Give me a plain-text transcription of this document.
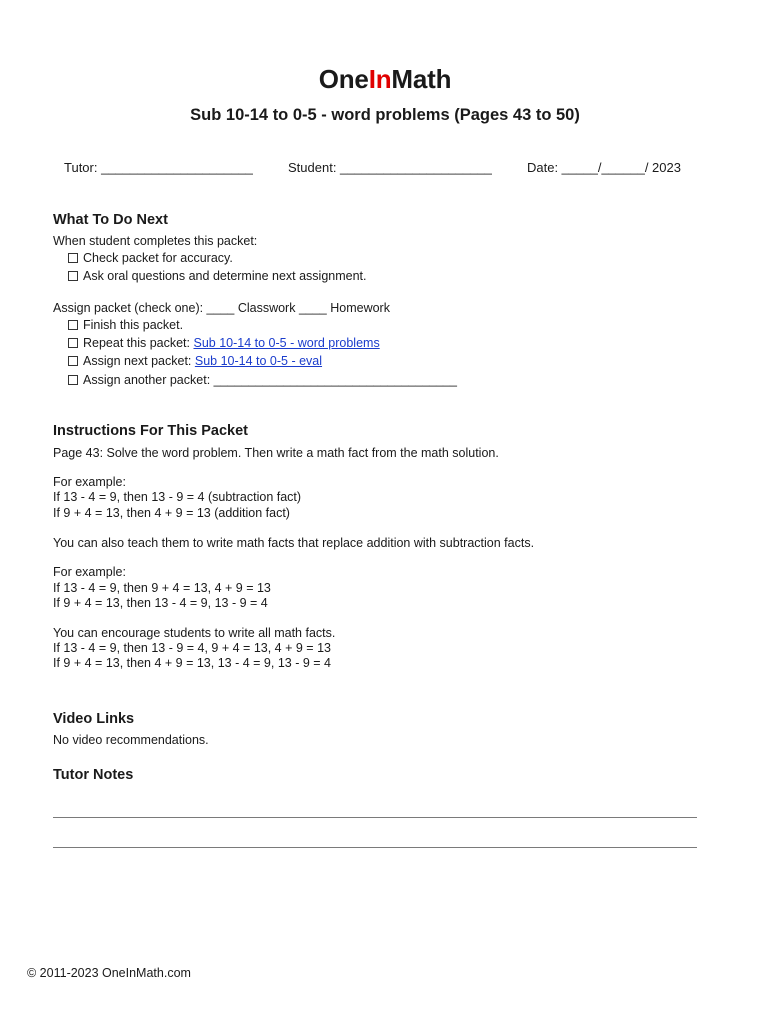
OneInMath
Sub 10-14 to 0-5 - word problems (Pages 43 to 50)
Tutor: _____________________	Student: _____________________	Date: _____/______/ 2023
What To Do Next
When student completes this packet:
Check packet for accuracy.
Ask oral questions and determine next assignment.
Assign packet (check one): ____ Classwork ____ Homework
Finish this packet.
Repeat this packet: Sub 10-14 to 0-5 - word problems
Assign next packet: Sub 10-14 to 0-5 - eval
Assign another packet: ___________________________________
Instructions For This Packet
Page 43: Solve the word problem. Then write a math fact from the math solution.
For example:
If 13 - 4 = 9, then 13 - 9 = 4 (subtraction fact)
If 9 + 4 = 13, then 4 + 9 = 13 (addition fact)
You can also teach them to write math facts that replace addition with subtraction facts.
For example:
If 13 - 4 = 9, then 9 + 4 = 13, 4 + 9 = 13
If 9 + 4 = 13, then 13 - 4 = 9, 13 - 9 = 4
You can encourage students to write all math facts.
If 13 - 4 = 9, then 13 - 9 = 4, 9 + 4 = 13, 4 + 9 = 13
If 9 + 4 = 13, then 4 + 9 = 13, 13 - 4 = 9, 13 - 9 = 4
Video Links
No video recommendations.
Tutor Notes
© 2011-2023 OneInMath.com
